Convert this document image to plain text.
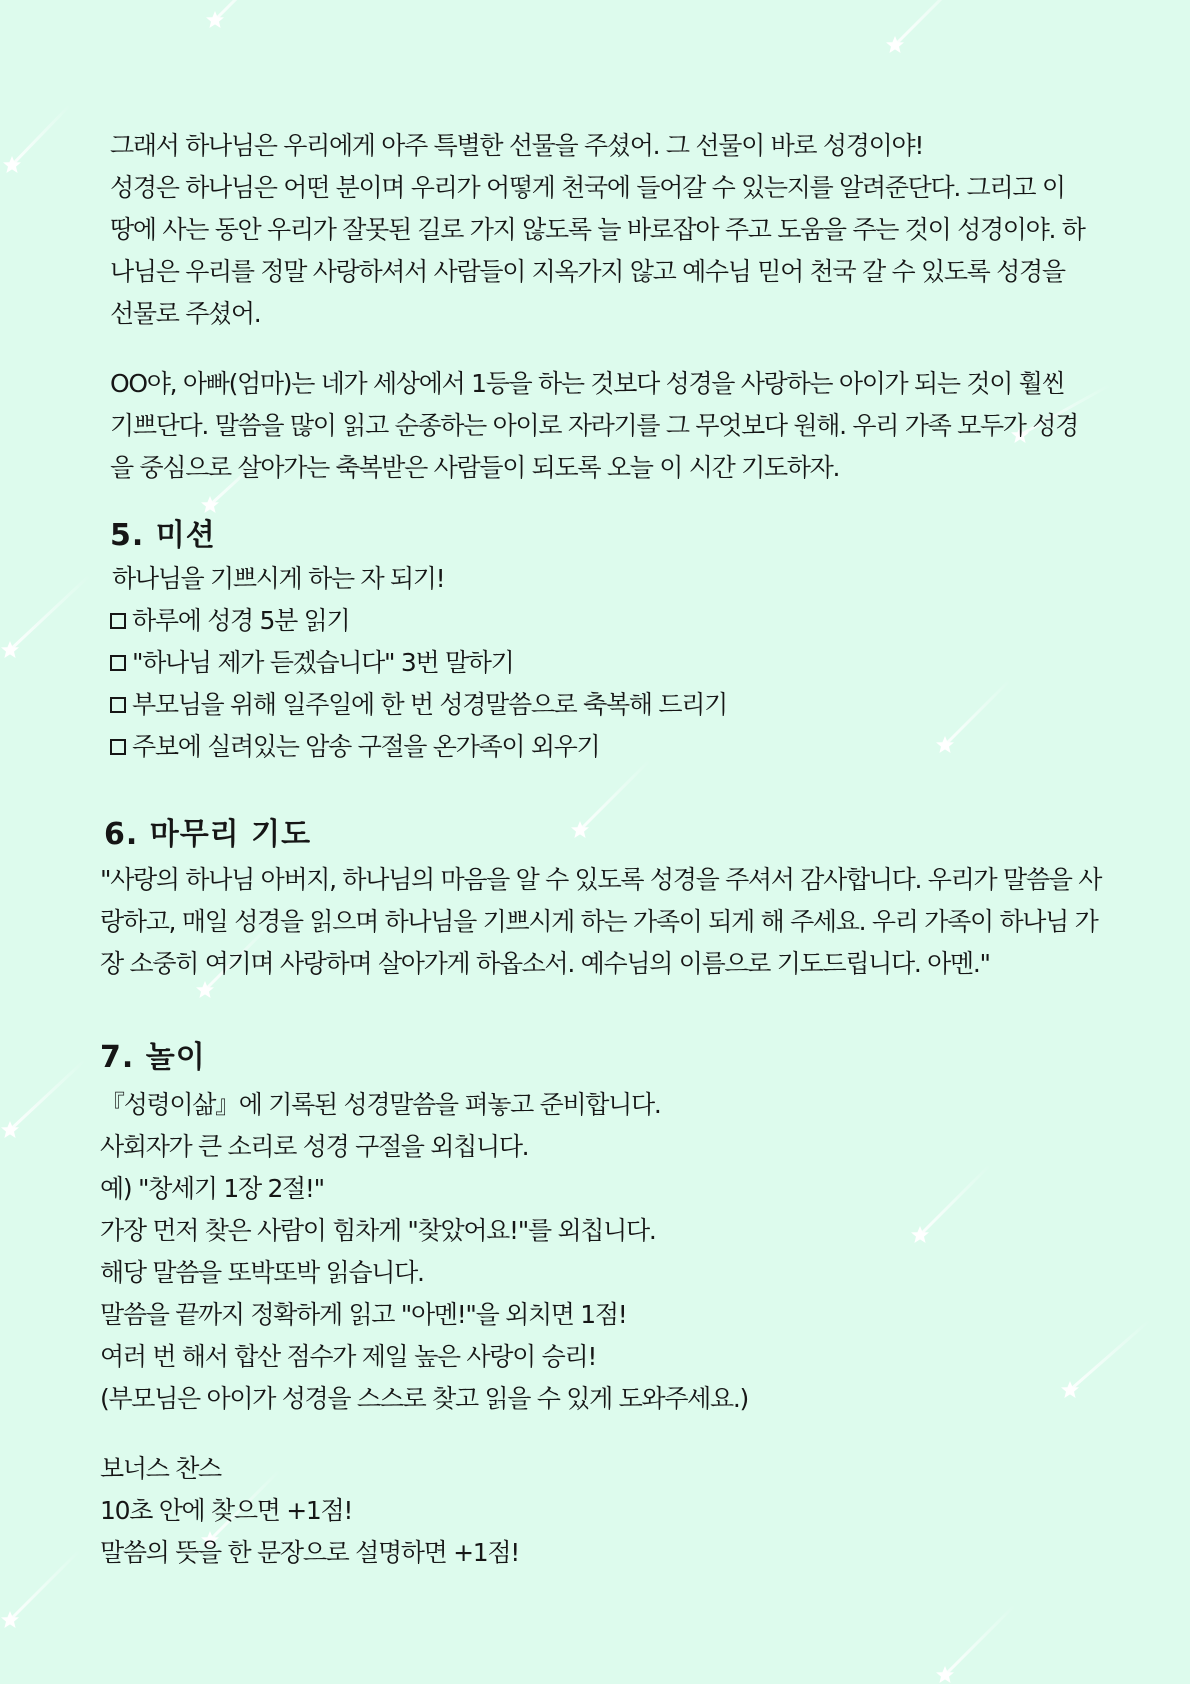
그래서 하나님은 우리에게 아주 특별한 선물을 주셨어. 그 선물이 바로 성경이야!
성경은 하나님은 어떤 분이며 우리가 어떻게 천국에 들어갈 수 있는지를 알려준단다. 그리고 이
땅에 사는 동안 우리가 잘못된 길로 가지 않도록 늘 바로잡아 주고 도움을 주는 것이 성경이야. 하
나님은 우리를 정말 사랑하셔서 사람들이 지옥가지 않고 예수님 믿어 천국 갈 수 있도록 성경을
선물로 주셨어.
OO야, 아빠(엄마)는 네가 세상에서 1등을 하는 것보다 성경을 사랑하는 아이가 되는 것이 훨씬
기쁘단다. 말씀을 많이 읽고 순종하는 아이로 자라기를 그 무엇보다 원해. 우리 가족 모두가 성경
을 중심으로 살아가는 축복받은 사람들이 되도록 오늘 이 시간 기도하자.
5. 미션
하나님을 기쁘시게 하는 자 되기!
하루에 성경 5분 읽기
"하나님 제가 듣겠습니다" 3번 말하기
부모님을 위해 일주일에 한 번 성경말씀으로 축복해 드리기
주보에 실려있는 암송 구절을 온가족이 외우기
6. 마무리 기도
"사랑의 하나님 아버지, 하나님의 마음을 알 수 있도록 성경을 주셔서 감사합니다. 우리가 말씀을 사
랑하고, 매일 성경을 읽으며 하나님을 기쁘시게 하는 가족이 되게 해 주세요. 우리 가족이 하나님 가
장 소중히 여기며 사랑하며 살아가게 하옵소서. 예수님의 이름으로 기도드립니다. 아멘."
7. 놀이
『성령이삶』에 기록된 성경말씀을 펴놓고 준비합니다.
사회자가 큰 소리로 성경 구절을 외칩니다.
예) "창세기 1장 2절!"
가장 먼저 찾은 사람이 힘차게 "찾았어요!"를 외칩니다.
해당 말씀을 또박또박 읽습니다.
말씀을 끝까지 정확하게 읽고 "아멘!"을 외치면 1점!
여러 번 해서 합산 점수가 제일 높은 사랑이 승리!
(부모님은 아이가 성경을 스스로 찾고 읽을 수 있게 도와주세요.)
보너스 찬스
10초 안에 찾으면 +1점!
말씀의 뜻을 한 문장으로 설명하면 +1점!
